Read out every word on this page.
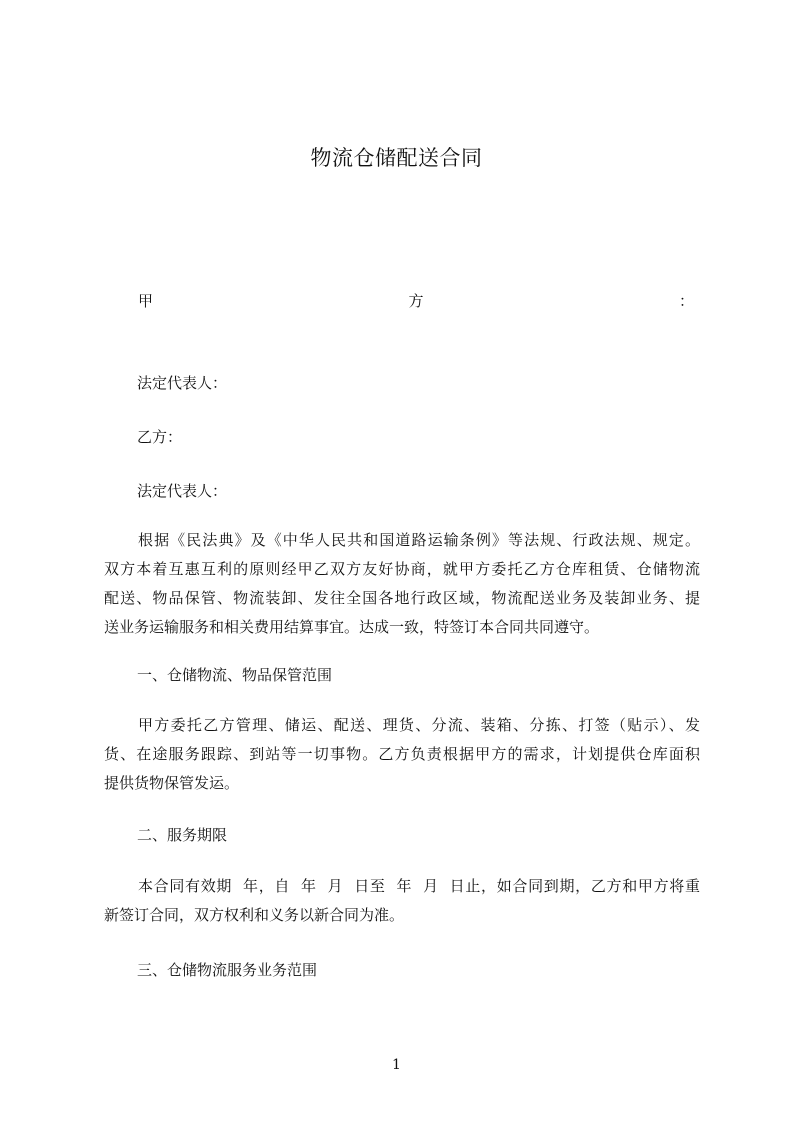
物流仓储配送合同
甲	方	：
法定代表人：
乙方：
法定代表人：
根据《民法典》及《中华人民共和国道路运输条例》等法规、行政法规、规定。
双方本着互惠互利的原则经甲乙双方友好协商，就甲方委托乙方仓库租赁、仓储物流
配送、物品保管、物流装卸、发往全国各地行政区域，物流配送业务及装卸业务、提
送业务运输服务和相关费用结算事宜。达成一致，特签订本合同共同遵守。
一、仓储物流、物品保管范围
甲方委托乙方管理、储运、配送、理货、分流、装箱、分拣、打签（贴示）、发
货、在途服务跟踪、到站等一切事物。乙方负责根据甲方的需求，计划提供仓库面积
提供货物保管发运。
二、服务期限
本合同有效期  年，自  年  月  日至  年  月  日止，如合同到期，乙方和甲方将重
新签订合同，双方权利和义务以新合同为准。
三、仓储物流服务业务范围
1
